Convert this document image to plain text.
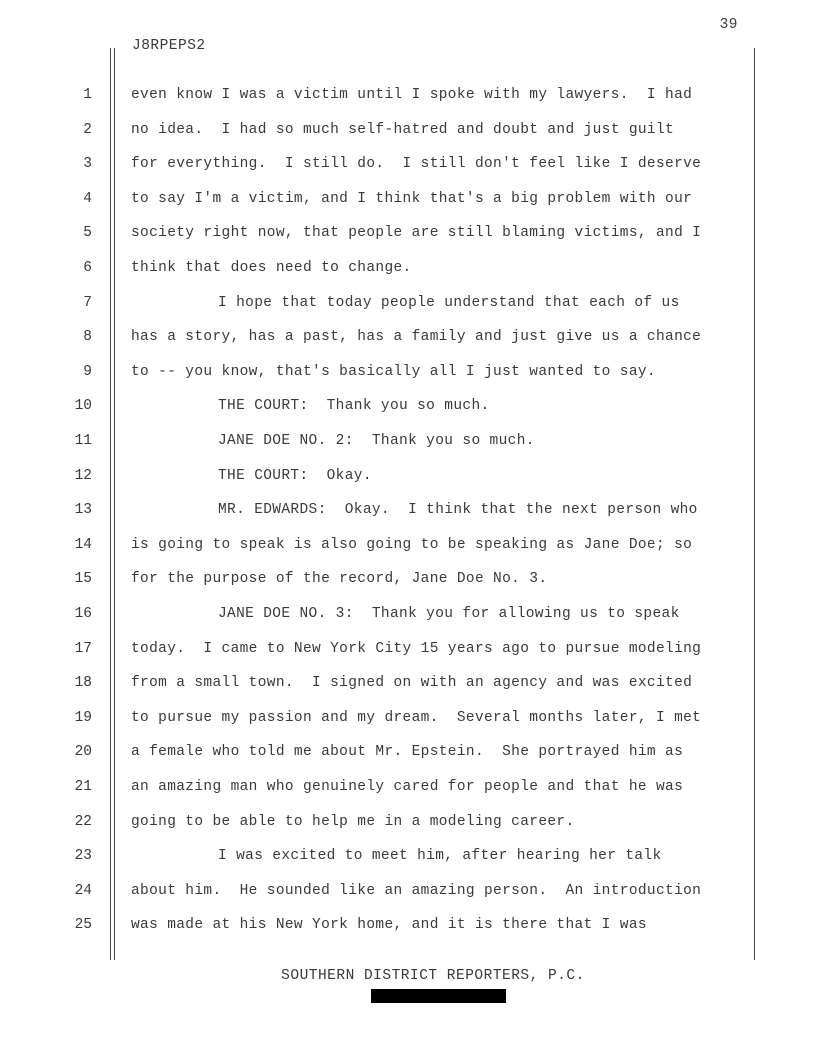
39
J8RPEPS2
1	even know I was a victim until I spoke with my lawyers.  I had
2	no idea.  I had so much self-hatred and doubt and just guilt
3	for everything.  I still do.  I still don't feel like I deserve
4	to say I'm a victim, and I think that's a big problem with our
5	society right now, that people are still blaming victims, and I
6	think that does need to change.
7	I hope that today people understand that each of us
8	has a story, has a past, has a family and just give us a chance
9	to -- you know, that's basically all I just wanted to say.
10	THE COURT:  Thank you so much.
11	JANE DOE NO. 2:  Thank you so much.
12	THE COURT:  Okay.
13	MR. EDWARDS:  Okay.  I think that the next person who
14	is going to speak is also going to be speaking as Jane Doe; so
15	for the purpose of the record, Jane Doe No. 3.
16	JANE DOE NO. 3:  Thank you for allowing us to speak
17	today.  I came to New York City 15 years ago to pursue modeling
18	from a small town.  I signed on with an agency and was excited
19	to pursue my passion and my dream.  Several months later, I met
20	a female who told me about Mr. Epstein.  She portrayed him as
21	an amazing man who genuinely cared for people and that he was
22	going to be able to help me in a modeling career.
23	I was excited to meet him, after hearing her talk
24	about him.  He sounded like an amazing person.  An introduction
25	was made at his New York home, and it is there that I was
SOUTHERN DISTRICT REPORTERS, P.C.
